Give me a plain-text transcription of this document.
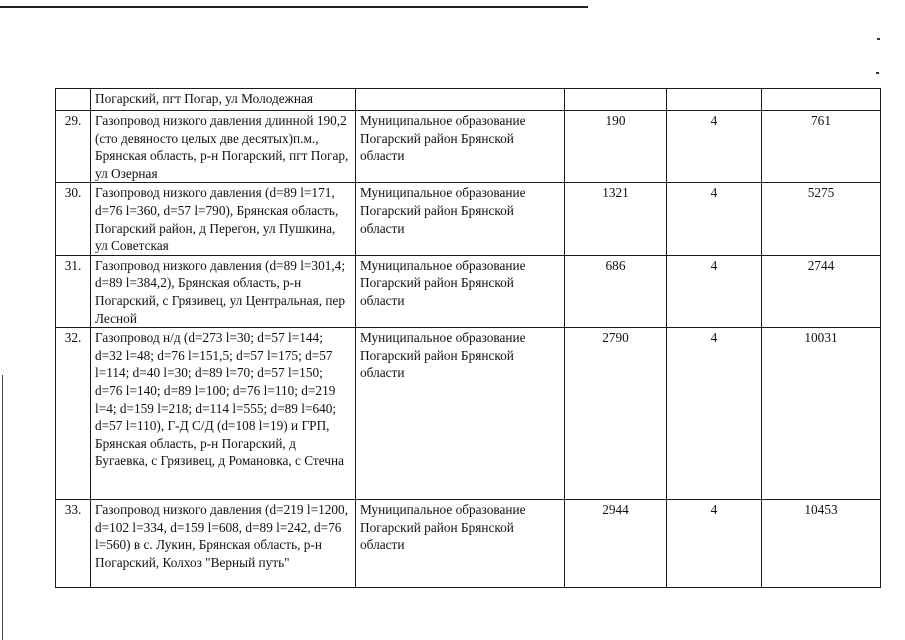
	Погарский, пгт Погар, ул Молодежная				
29.	Газопровод низкого давления длинной 190,2 (сто девяносто целых две десятых)п.м., Брянская область, р-н Погарский, пгт Погар, ул Озерная	Муниципальное образование Погарский район Брянской области	190	4	761
30.	Газопровод низкого давления (d=89 l=171, d=76 l=360, d=57 l=790), Брянская область, Погарский район, д Перегон, ул Пушкина, ул Советская	Муниципальное образование Погарский район Брянской области	1321	4	5275
31.	Газопровод низкого давления (d=89 l=301,4; d=89 l=384,2), Брянская область, р-н Погарский, с Грязивец, ул Центральная, пер Лесной	Муниципальное образование Погарский район Брянской области	686	4	2744
32.	Газопровод н/д (d=273 l=30; d=57 l=144; d=32 l=48; d=76 l=151,5; d=57 l=175; d=57 l=114; d=40 l=30; d=89 l=70; d=57 l=150; d=76 l=140; d=89 l=100; d=76 l=110; d=219 l=4; d=159 l=218; d=114 l=555; d=89 l=640; d=57 l=110), Г-Д С/Д (d=108 l=19) и ГРП, Брянская область, р-н Погарский, д Бугаевка, с Грязивец, д Романовка, с Стечна	Муниципальное образование Погарский район Брянской области	2790	4	10031
33.	Газопровод низкого давления (d=219 l=1200, d=102 l=334, d=159 l=608, d=89 l=242, d=76 l=560) в с. Лукин, Брянская область, р-н Погарский, Колхоз "Верный путь"	Муниципальное образование Погарский район Брянской области	2944	4	10453
